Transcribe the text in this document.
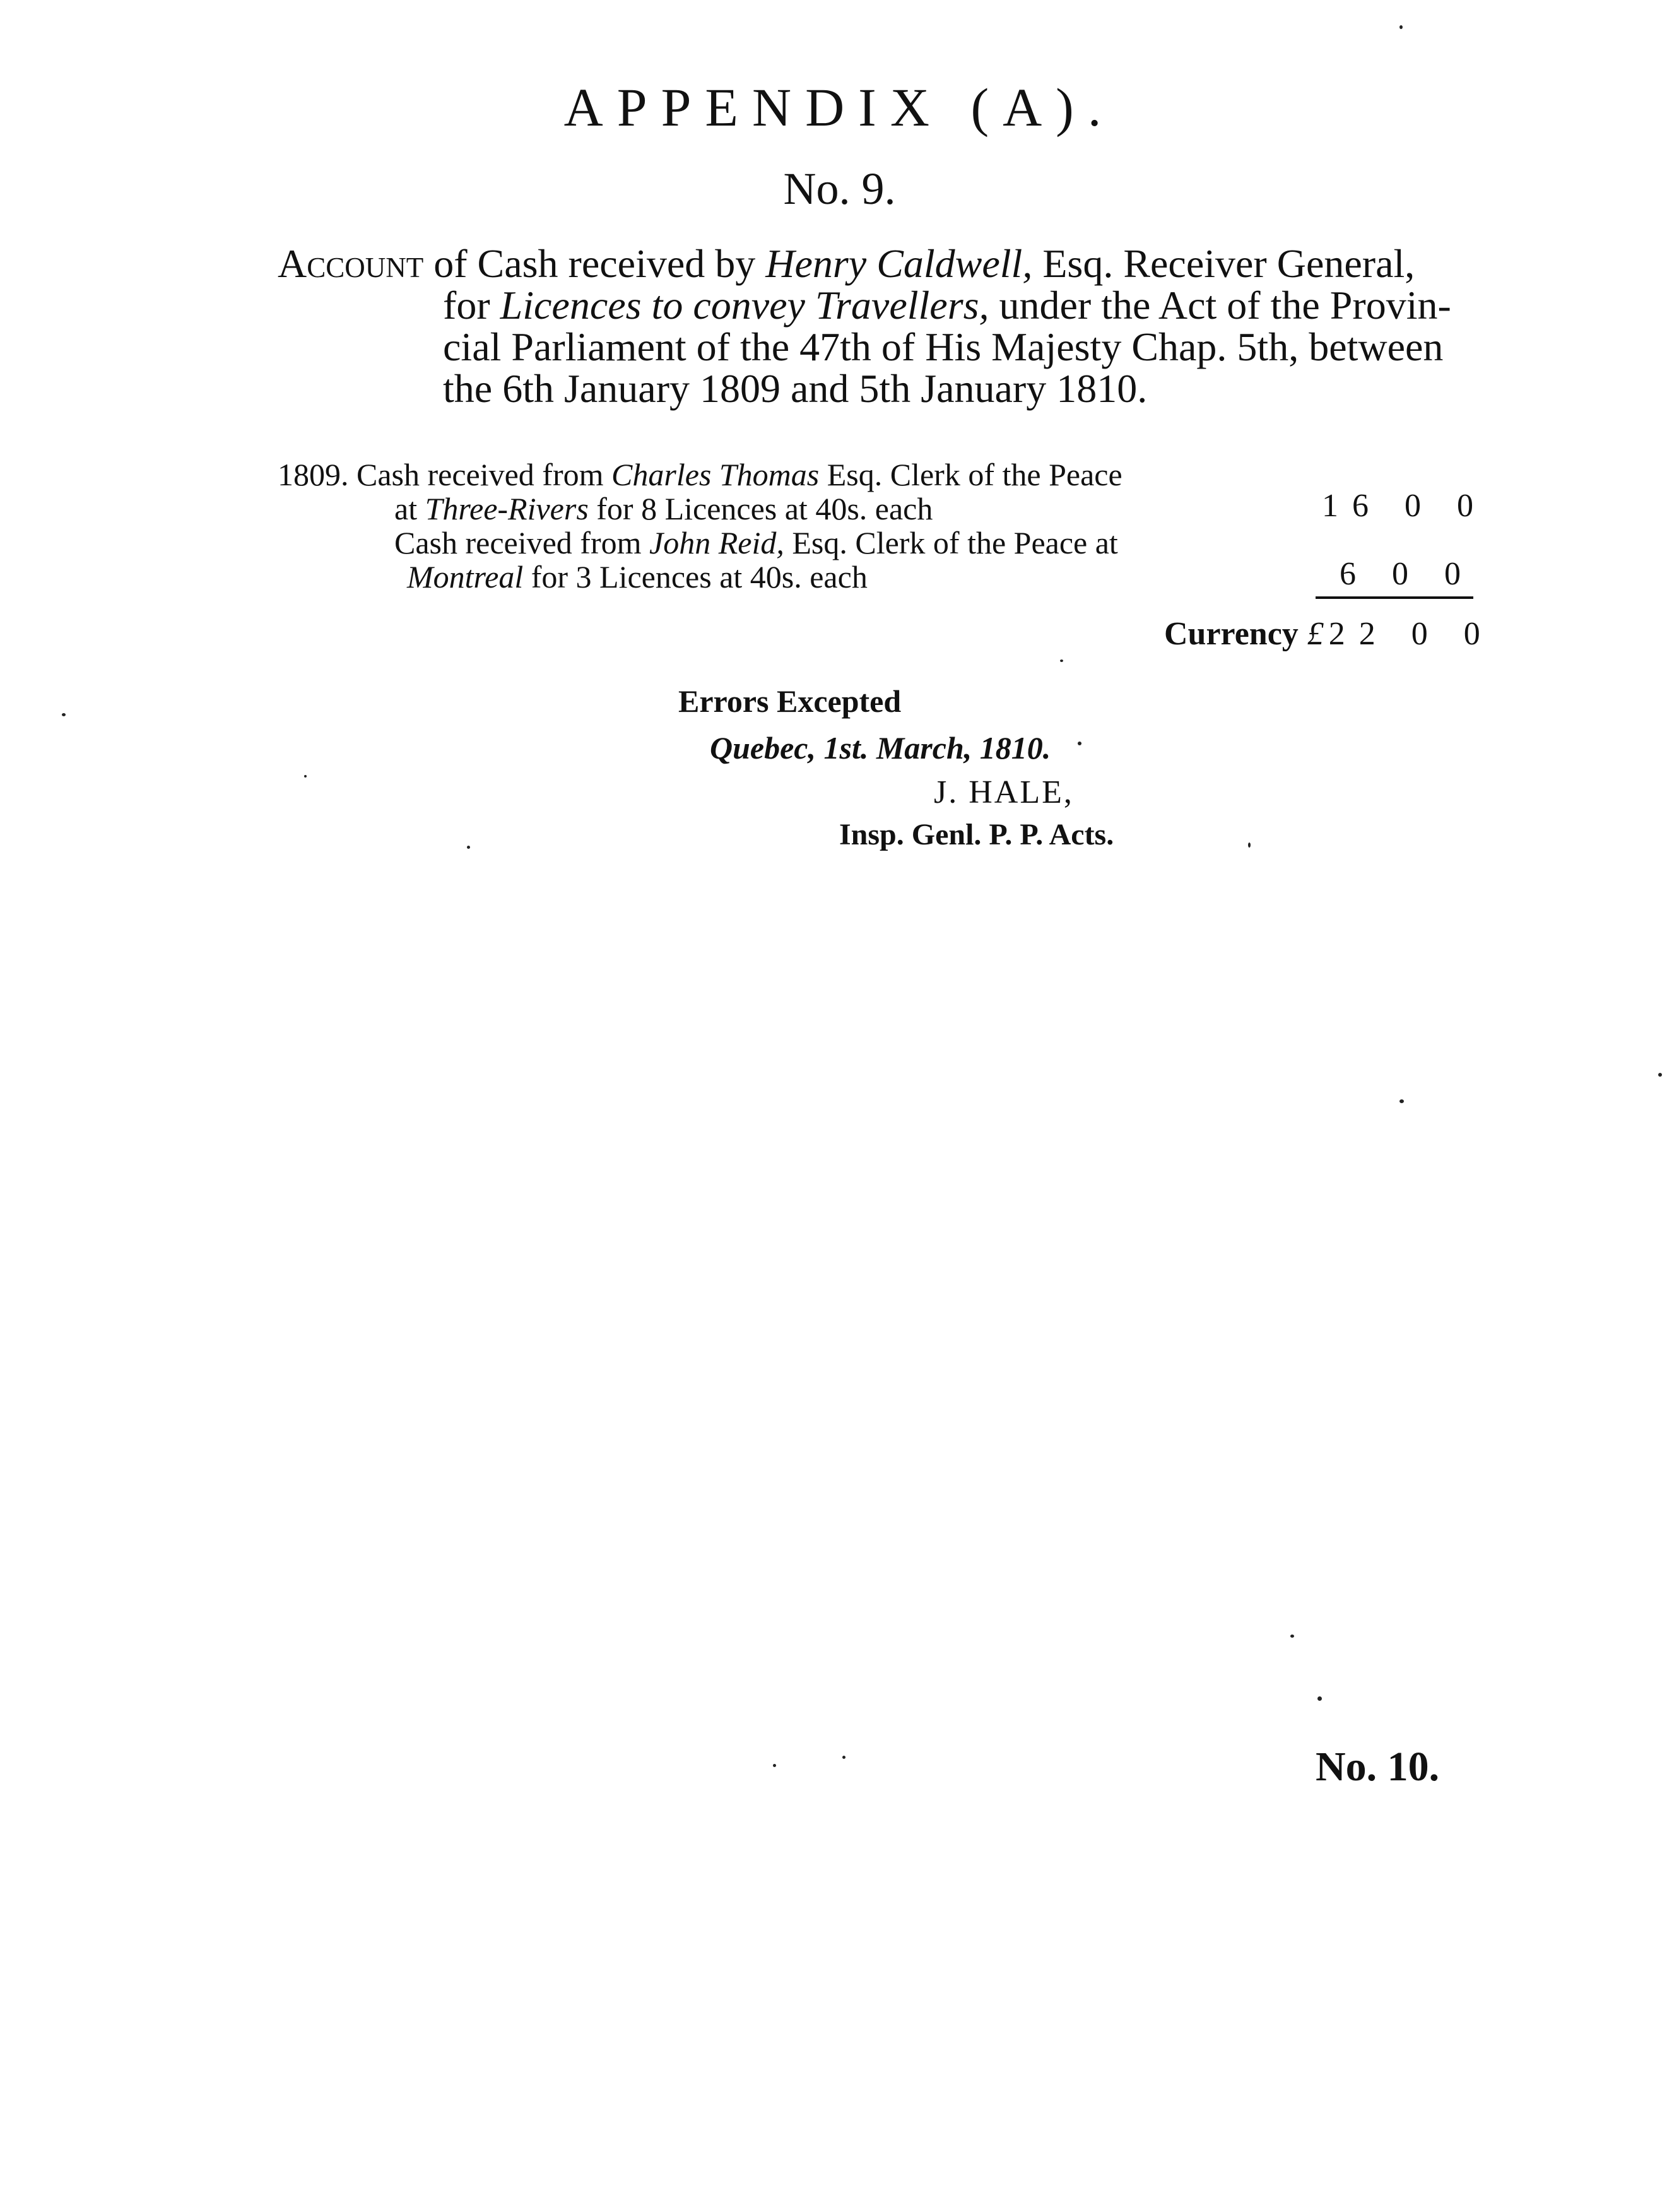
APPENDIX (A).
No. 9.
Account of Cash received by Henry Caldwell, Esq. Receiver General,
for Licences to convey Travellers, under the Act of the Provin-
cial Parliament of the 47th of His Majesty Chap. 5th, between
the 6th January 1809 and 5th January 1810.
1809. Cash received from Charles Thomas Esq. Clerk of the Peace
at Three-Rivers for 8 Licences at 40s. each	16 0 0
Cash received from John Reid, Esq. Clerk of the Peace at
Montreal for 3 Licences at 40s. each	6 0 0
Currency £ 22 0 0
Errors Excepted
Quebec, 1st. March, 1810.
J. HALE,
Insp. Genl. P. P. Acts.
No. 10.
